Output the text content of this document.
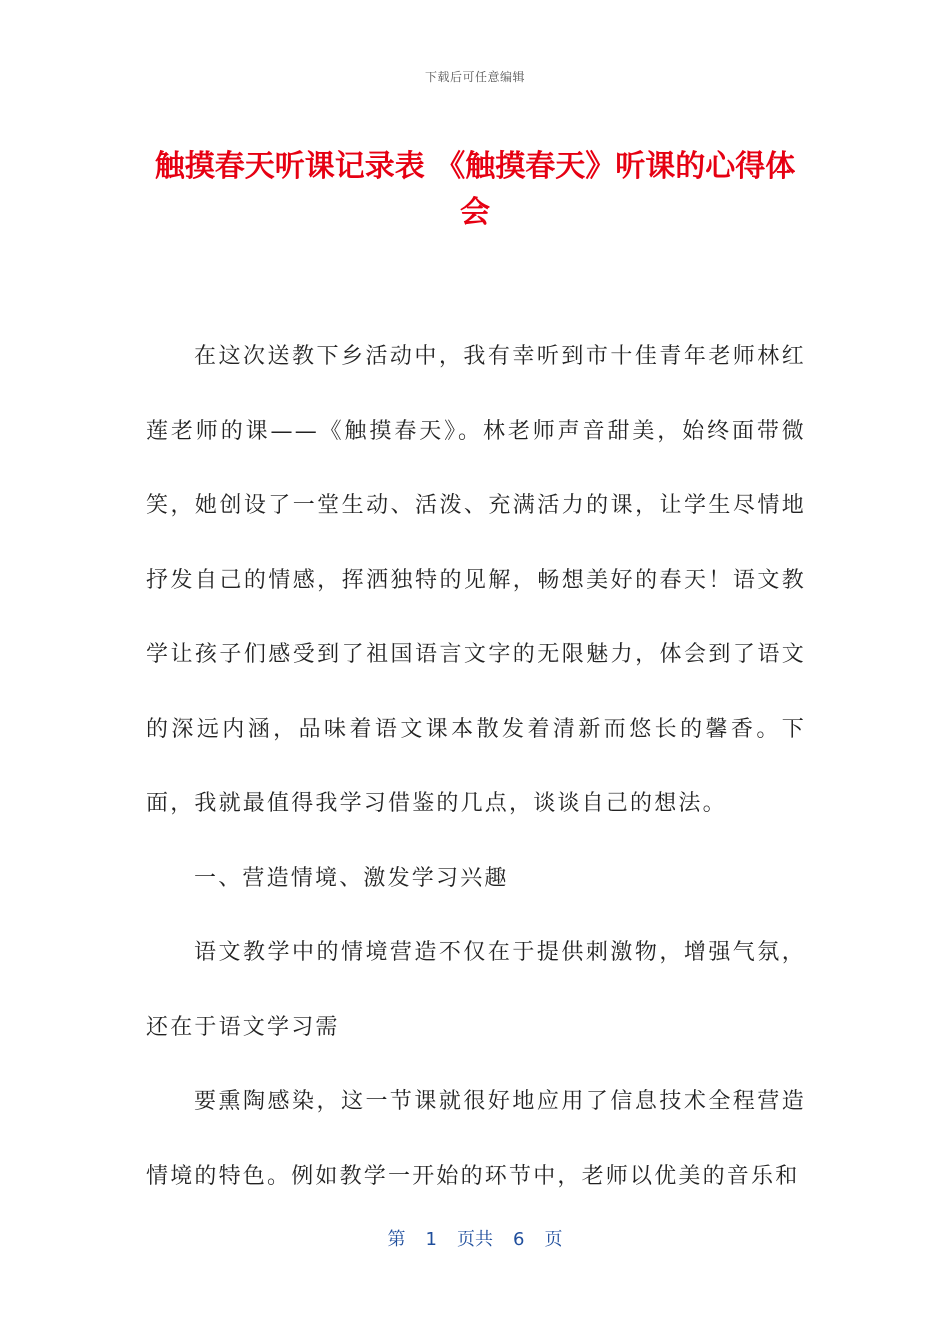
下载后可任意编辑
触摸春天听课记录表 《触摸春天》听课的心得体会

在这次送教下乡活动中，我有幸听到市十佳青年老师林红莲老师的课——《触摸春天》。林老师声音甜美，始终面带微笑，她创设了一堂生动、活泼、充满活力的课，让学生尽情地抒发自己的情感，挥洒独特的见解，畅想美好的春天！语文教学让孩子们感受到了祖国语言文字的无限魅力，体会到了语文的深远内涵，品味着语文课本散发着清新而悠长的馨香。下面，我就最值得我学习借鉴的几点，谈谈自己的想法。

一、营造情境、激发学习兴趣

语文教学中的情境营造不仅在于提供刺激物，增强气氛，还在于语文学习需

要熏陶感染，这一节课就很好地应用了信息技术全程营造情境的特色。例如教学一开始的环节中，老师以优美的音乐和

第 1 页共 6 页
